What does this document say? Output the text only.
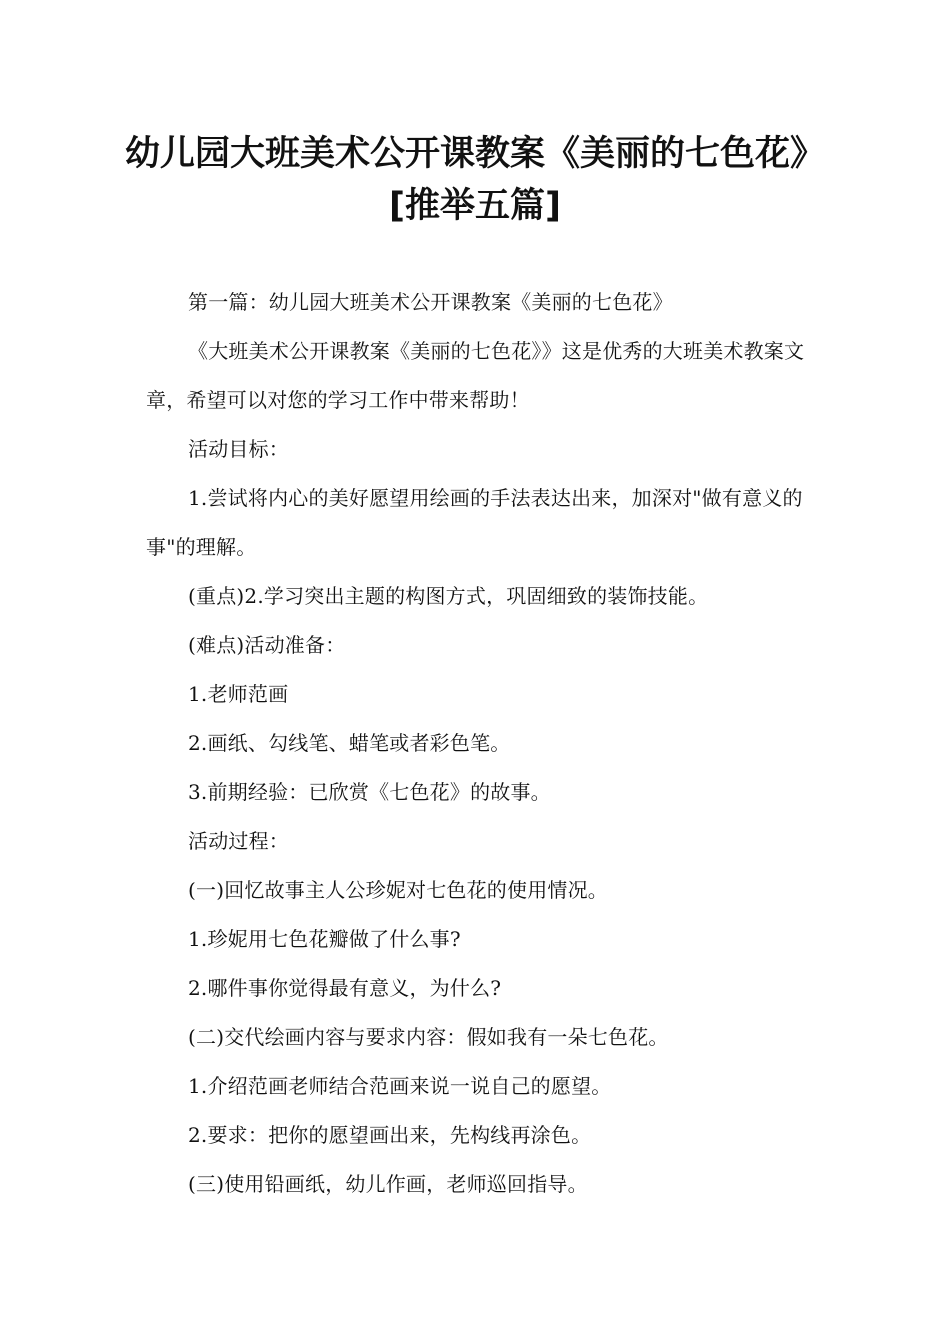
幼儿园大班美术公开课教案《美丽的七色花》[推举五篇]

第一篇：幼儿园大班美术公开课教案《美丽的七色花》

《大班美术公开课教案《美丽的七色花》》这是优秀的大班美术教案文章，希望可以对您的学习工作中带来帮助！

活动目标：

1.尝试将内心的美好愿望用绘画的手法表达出来，加深对"做有意义的事"的理解。

(重点)2.学习突出主题的构图方式，巩固细致的装饰技能。

(难点)活动准备：

1.老师范画

2.画纸、勾线笔、蜡笔或者彩色笔。

3.前期经验：已欣赏《七色花》的故事。

活动过程：

(一)回忆故事主人公珍妮对七色花的使用情况。

1.珍妮用七色花瓣做了什么事?

2.哪件事你觉得最有意义，为什么?

(二)交代绘画内容与要求内容：假如我有一朵七色花。

1.介绍范画老师结合范画来说一说自己的愿望。

2.要求：把你的愿望画出来，先构线再涂色。

(三)使用铅画纸，幼儿作画，老师巡回指导。
